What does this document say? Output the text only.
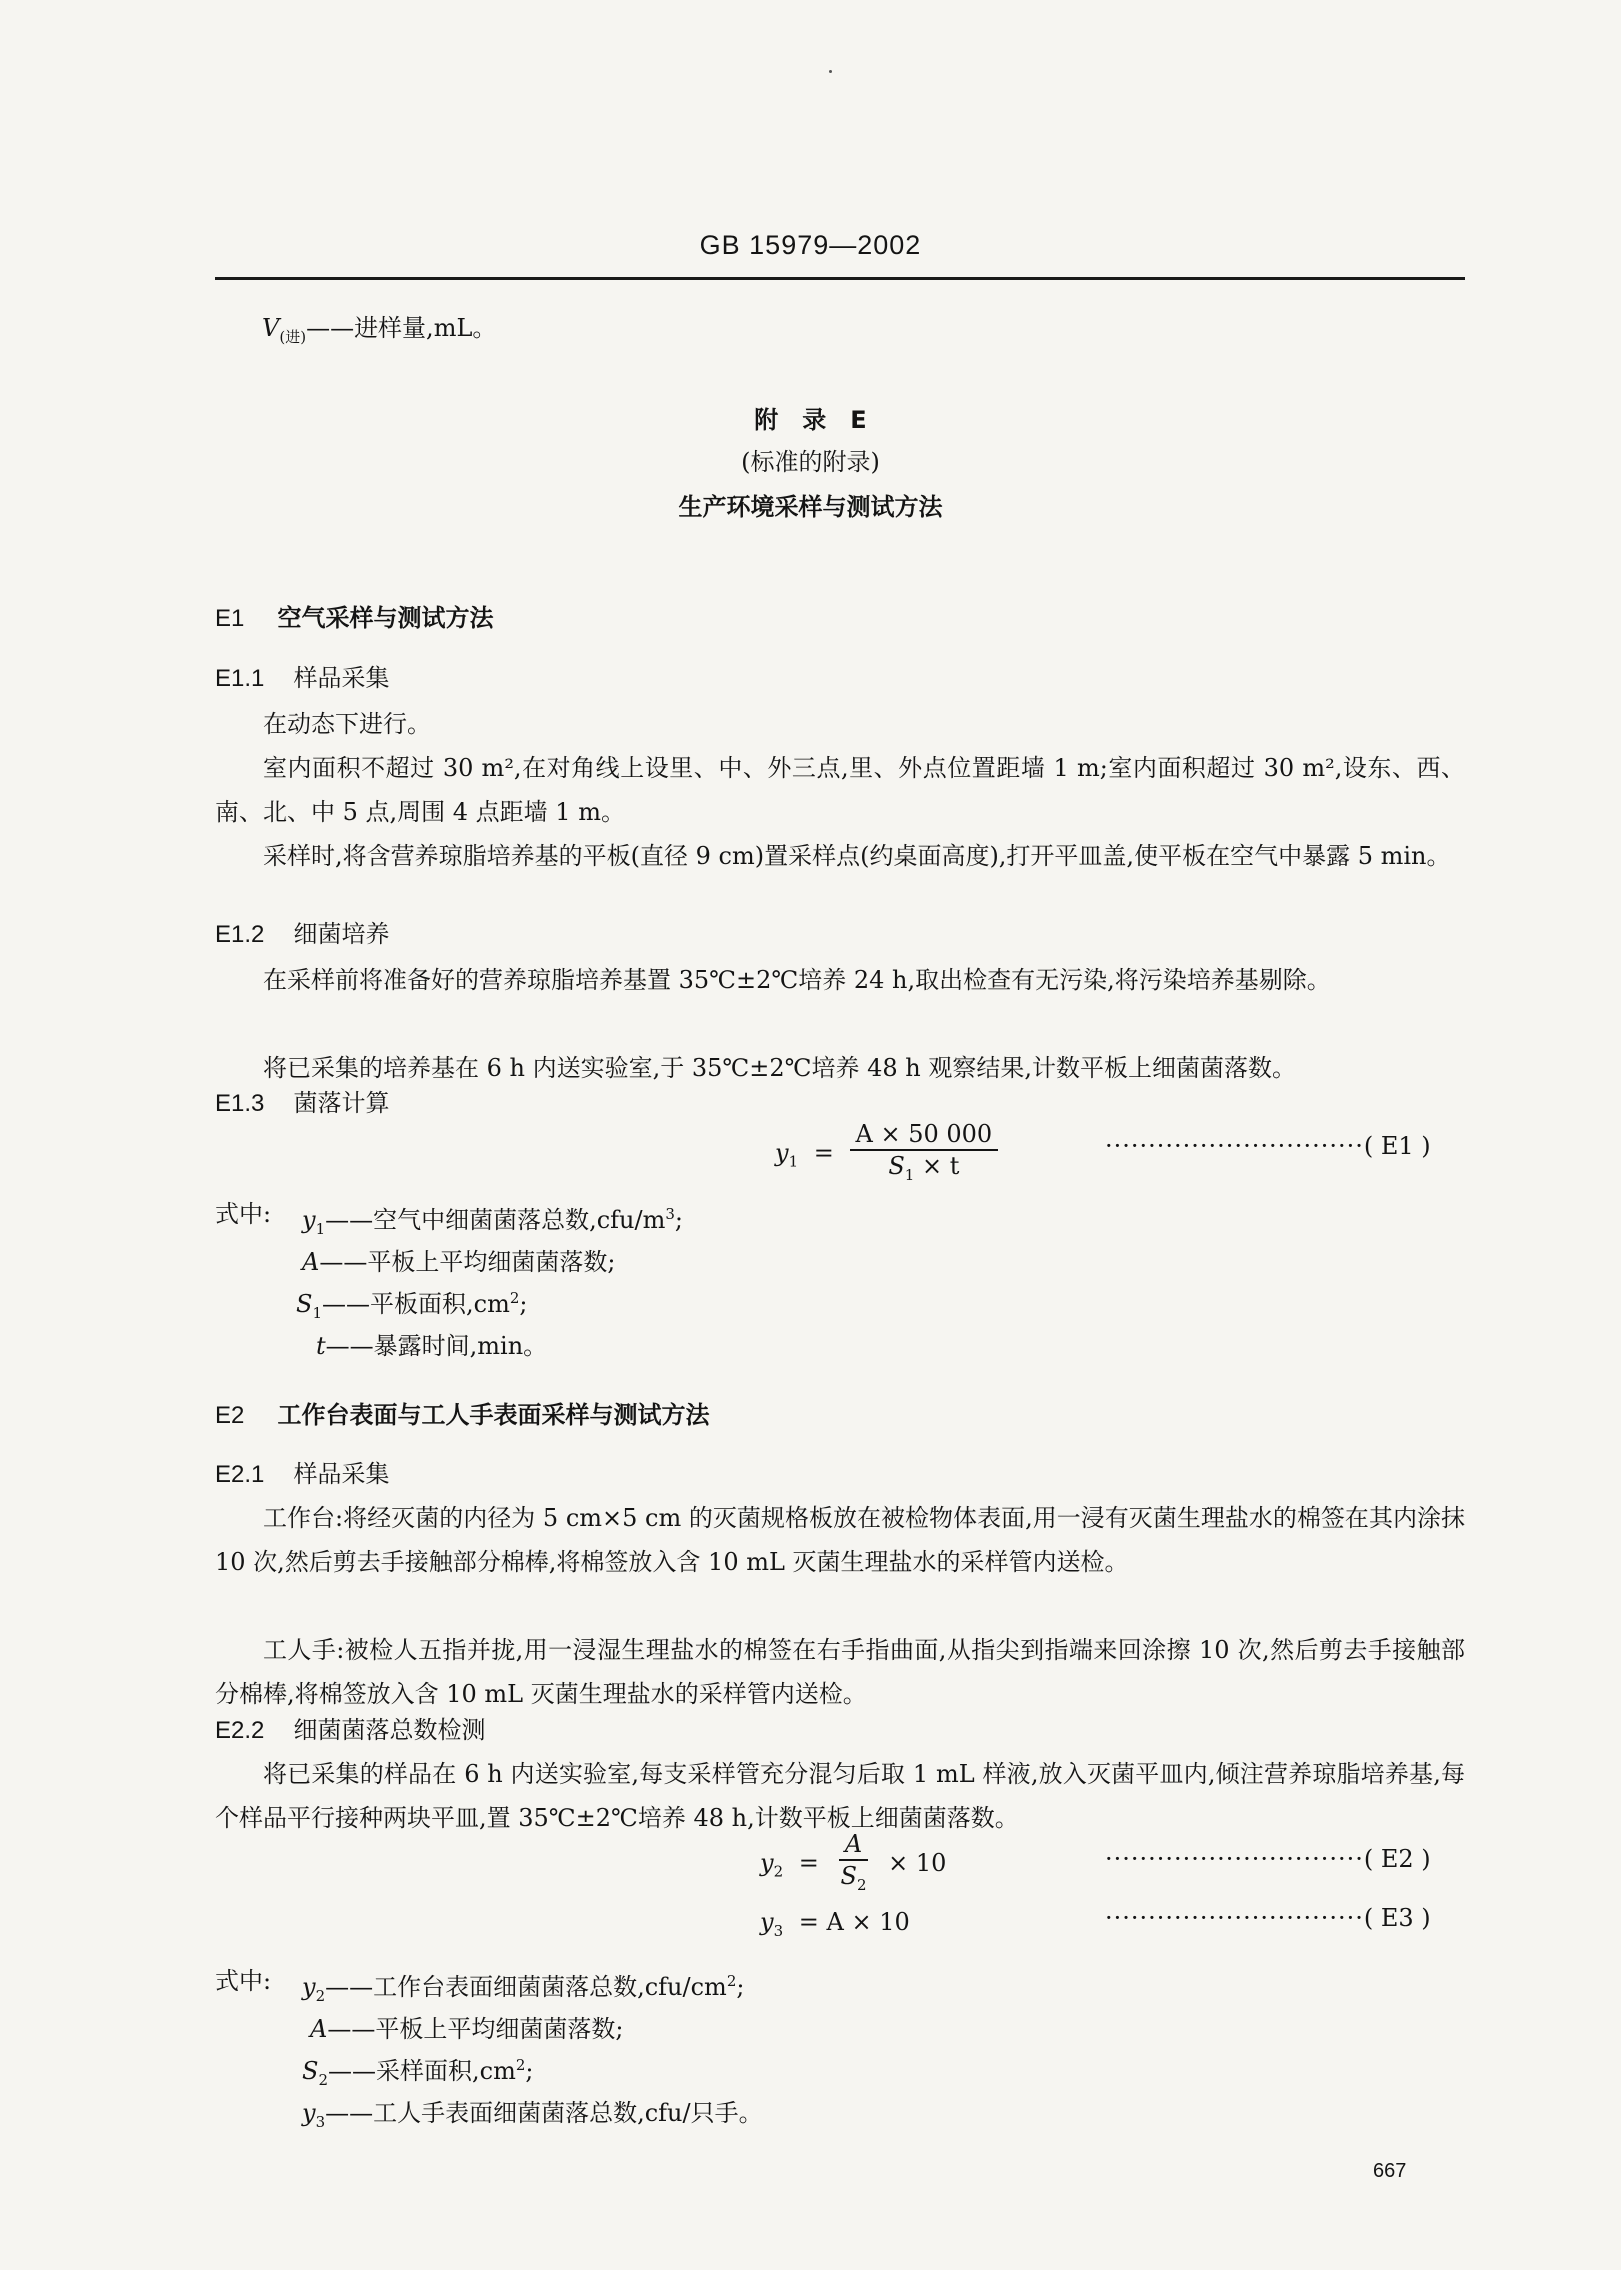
GB 15979—2002
$V_{(进)}——$进样量,mL。
附　录　E
(标准的附录)
生产环境采样与测试方法
E1 空气采样与测试方法
E1.1 样品采集
在动态下进行。
室内面积不超过 30 m²,在对角线上设里、中、外三点,里、外点位置距墙 1 m;室内面积超过 30 m²,设东、西、南、北、中 5 点,周围 4 点距墙 1 m。
采样时,将含营养琼脂培养基的平板(直径 9 cm)置采样点(约桌面高度),打开平皿盖,使平板在空气中暴露 5 min。
E1.2 细菌培养
在采样前将准备好的营养琼脂培养基置 35℃±2℃培养 24 h,取出检查有无污染,将污染培养基剔除。
将已采集的培养基在 6 h 内送实验室,于 35℃±2℃培养 48 h 观察结果,计数平板上细菌菌落数。
E1.3 菌落计算
$y_1 = \frac{A \times 50 000}{S_1 \times t}$	······························( E1 )
式中: $y_1——$空气中细菌菌落总数$,cfu/m^3$;
A——平板上平均细菌菌落数;
$S_1——$平板面积$,cm^2$;
t——暴露时间,min。
E2 工作台表面与工人手表面采样与测试方法
E2.1 样品采集
工作台:将经灭菌的内径为 5 cm×5 cm 的灭菌规格板放在被检物体表面,用一浸有灭菌生理盐水的棉签在其内涂抹 10 次,然后剪去手接触部分棉棒,将棉签放入含 10 mL 灭菌生理盐水的采样管内送检。
工人手:被检人五指并拢,用一浸湿生理盐水的棉签在右手指曲面,从指尖到指端来回涂擦 10 次,然后剪去手接触部分棉棒,将棉签放入含 10 mL 灭菌生理盐水的采样管内送检。
E2.2 细菌菌落总数检测
将已采集的样品在 6 h 内送实验室,每支采样管充分混匀后取 1 mL 样液,放入灭菌平皿内,倾注营养琼脂培养基,每个样品平行接种两块平皿,置 35℃±2℃培养 48 h,计数平板上细菌菌落数。
$y_2 = \frac{A}{S_2} \times 10$	······························( E2 )
$y_3 = A \times 10$	······························( E3 )
式中: $y_2——$工作台表面细菌菌落总数$,cfu/cm^2$;
A——平板上平均细菌菌落数;
$S_2——$采样面积$,cm^2$;
$y_3——$工人手表面细菌菌落总数,cfu/只手。
667
